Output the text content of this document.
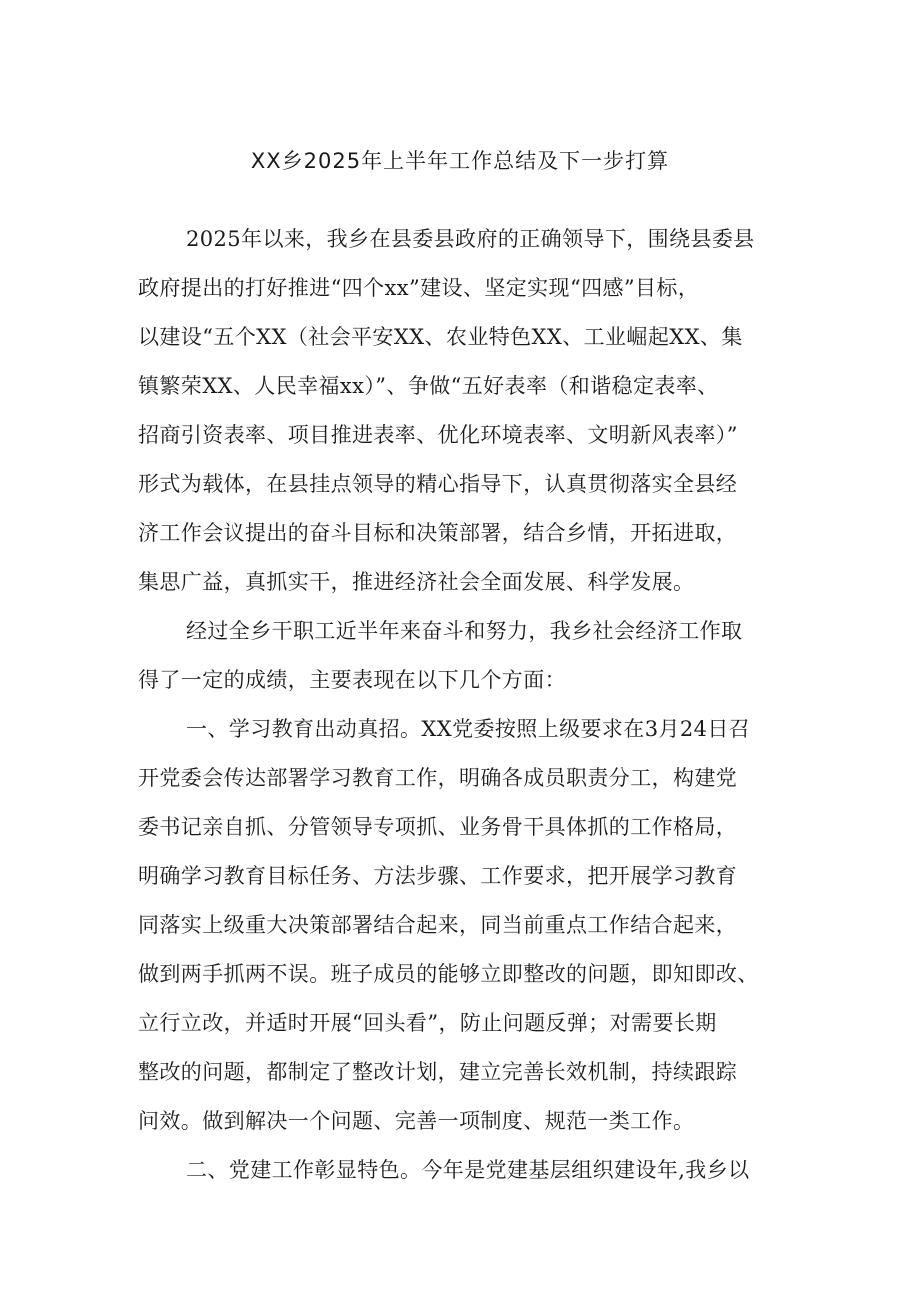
XX乡2025年上半年工作总结及下一步打算

2025年以来，我乡在县委县政府的正确领导下，围绕县委县

政府提出的打好推进“四个xx”建设、坚定实现“四感”目标，

以建设“五个XX（社会平安XX、农业特色XX、工业崛起XX、集

镇繁荣XX、人民幸福xx）”、争做“五好表率（和谐稳定表率、

招商引资表率、项目推进表率、优化环境表率、文明新风表率）”

形式为载体，在县挂点领导的精心指导下，认真贯彻落实全县经

济工作会议提出的奋斗目标和决策部署，结合乡情，开拓进取，

集思广益，真抓实干，推进经济社会全面发展、科学发展。

经过全乡干职工近半年来奋斗和努力，我乡社会经济工作取

得了一定的成绩，主要表现在以下几个方面：

一、学习教育出动真招。XX党委按照上级要求在3月24日召

开党委会传达部署学习教育工作，明确各成员职责分工，构建党

委书记亲自抓、分管领导专项抓、业务骨干具体抓的工作格局，

明确学习教育目标任务、方法步骤、工作要求，把开展学习教育

同落实上级重大决策部署结合起来，同当前重点工作结合起来，

做到两手抓两不误。班子成员的能够立即整改的问题，即知即改、

立行立改，并适时开展“回头看”，防止问题反弹；对需要长期

整改的问题，都制定了整改计划，建立完善长效机制，持续跟踪

问效。做到解决一个问题、完善一项制度、规范一类工作。

二、党建工作彰显特色。今年是党建基层组织建设年,我乡以
